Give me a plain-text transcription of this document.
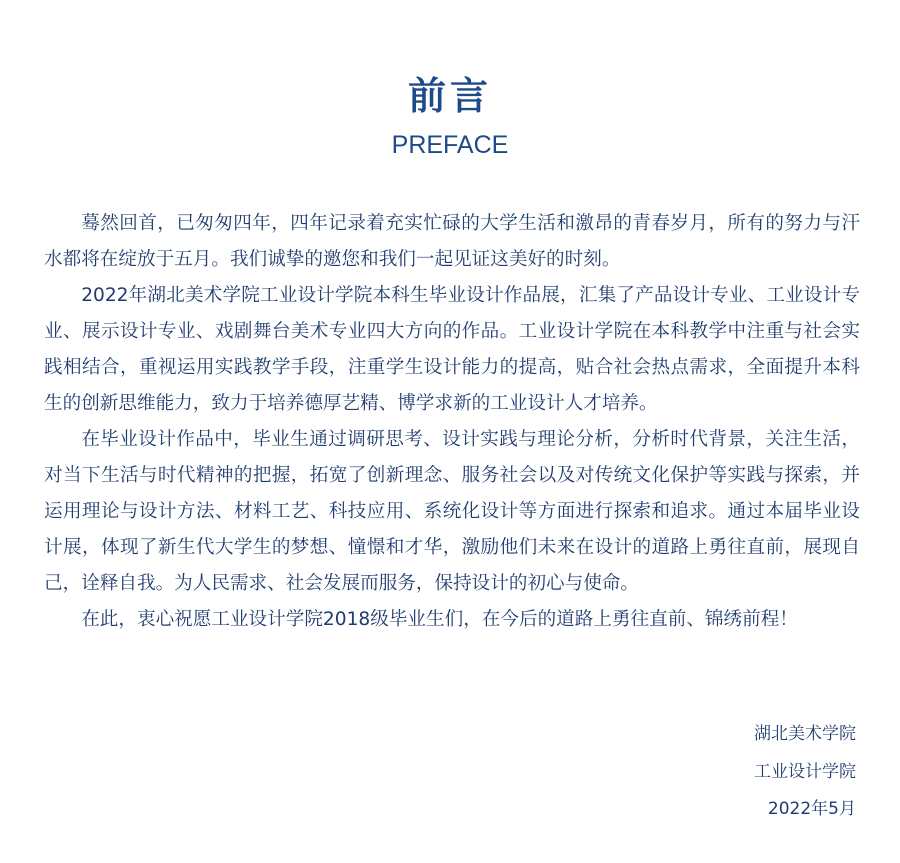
前言
PREFACE

蓦然回首，已匆匆四年，四年记录着充实忙碌的大学生活和激昂的青春岁月，所有的努力与汗水都将在绽放于五月。我们诚挚的邀您和我们一起见证这美好的时刻。

2022年湖北美术学院工业设计学院本科生毕业设计作品展，汇集了产品设计专业、工业设计专业、展示设计专业、戏剧舞台美术专业四大方向的作品。工业设计学院在本科教学中注重与社会实践相结合，重视运用实践教学手段，注重学生设计能力的提高，贴合社会热点需求，全面提升本科生的创新思维能力，致力于培养德厚艺精、博学求新的工业设计人才培养。

在毕业设计作品中，毕业生通过调研思考、设计实践与理论分析，分析时代背景，关注生活，对当下生活与时代精神的把握，拓宽了创新理念、服务社会以及对传统文化保护等实践与探索，并运用理论与设计方法、材料工艺、科技应用、系统化设计等方面进行探索和追求。通过本届毕业设计展，体现了新生代大学生的梦想、憧憬和才华，激励他们未来在设计的道路上勇往直前，展现自己，诠释自我。为人民需求、社会发展而服务，保持设计的初心与使命。

在此，衷心祝愿工业设计学院2018级毕业生们，在今后的道路上勇往直前、锦绣前程！

湖北美术学院
工业设计学院
2022年5月
